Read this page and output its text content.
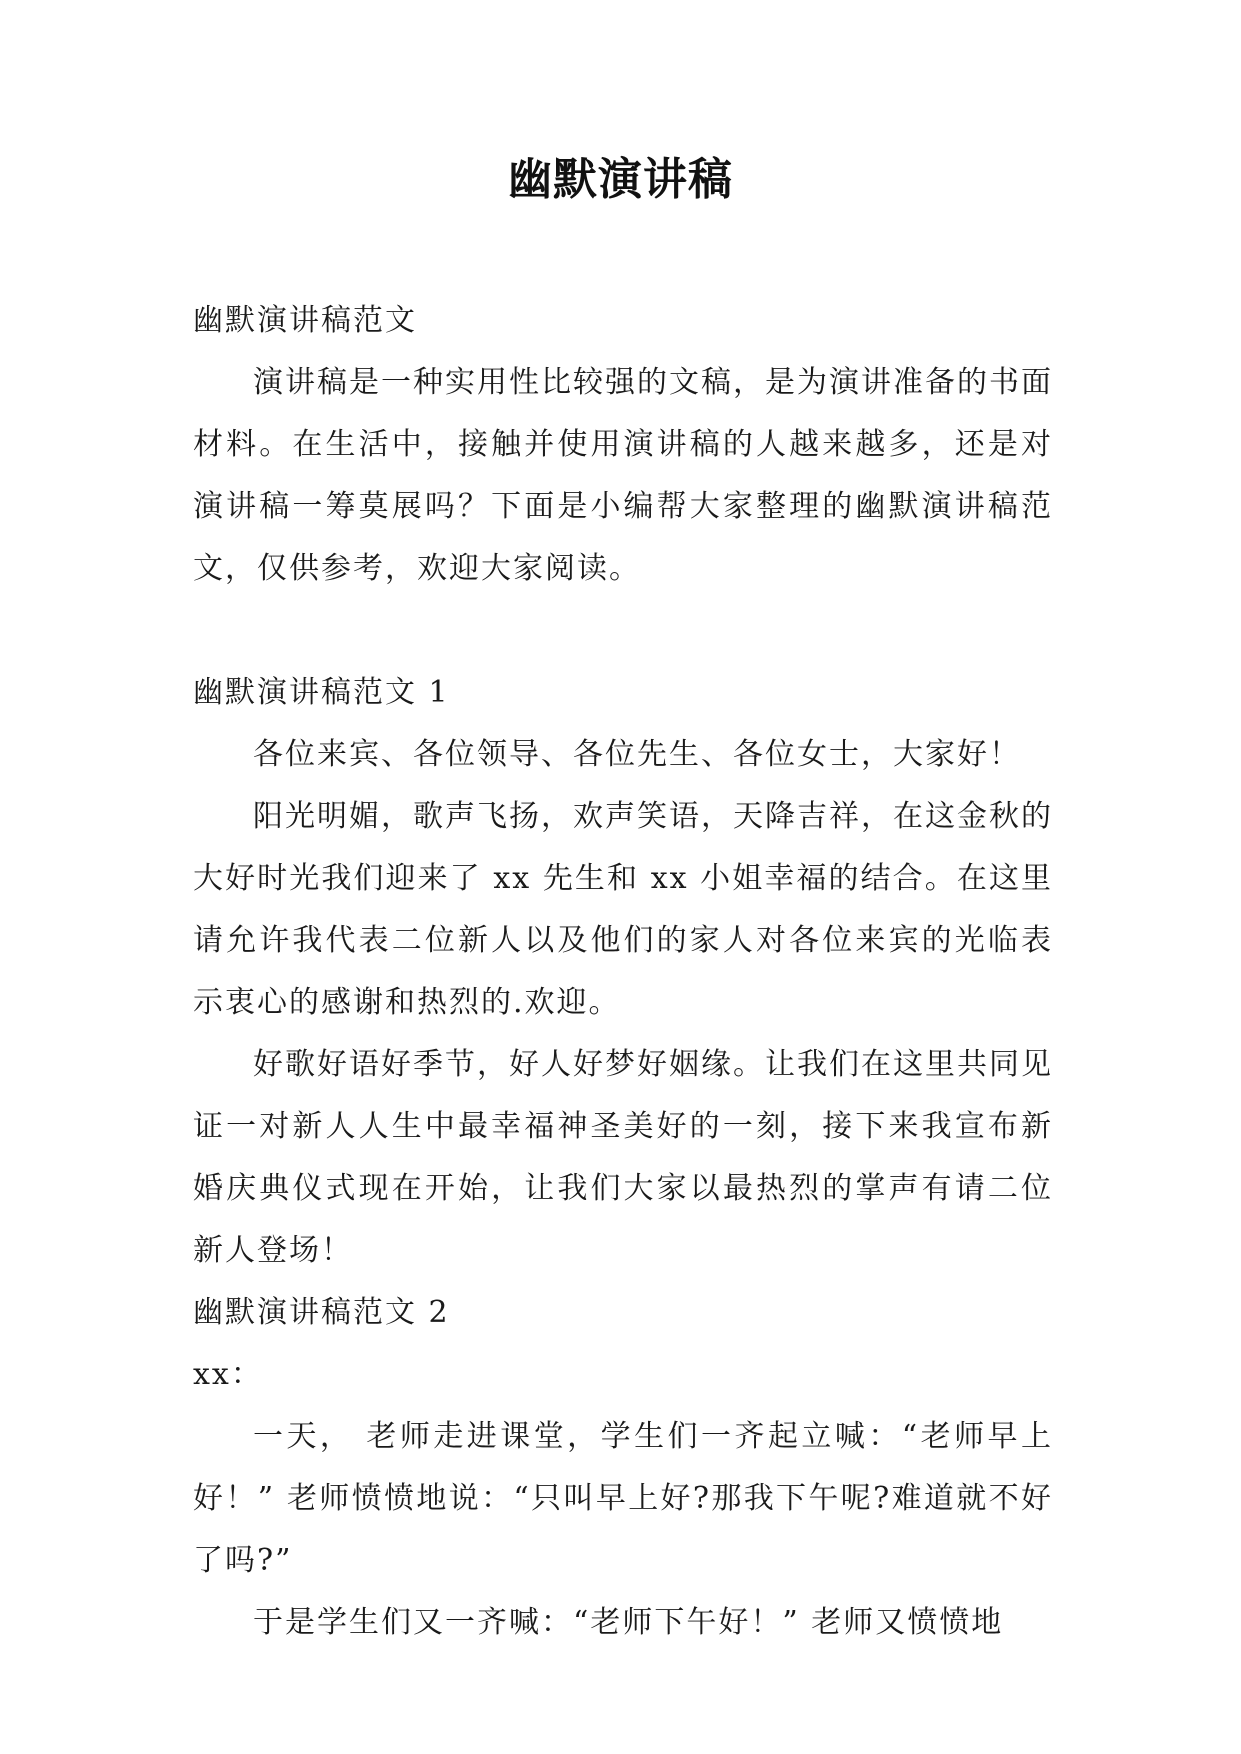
幽默演讲稿

幽默演讲稿范文

演讲稿是一种实用性比较强的文稿，是为演讲准备的书面材料。在生活中，接触并使用演讲稿的人越来越多，还是对演讲稿一筹莫展吗？下面是小编帮大家整理的幽默演讲稿范文，仅供参考，欢迎大家阅读。

幽默演讲稿范文 1

各位来宾、各位领导、各位先生、各位女士，大家好！

阳光明媚，歌声飞扬，欢声笑语，天降吉祥，在这金秋的大好时光我们迎来了 xx 先生和 xx 小姐幸福的结合。在这里请允许我代表二位新人以及他们的家人对各位来宾的光临表示衷心的感谢和热烈的.欢迎。

好歌好语好季节，好人好梦好姻缘。让我们在这里共同见证一对新人人生中最幸福神圣美好的一刻，接下来我宣布新婚庆典仪式现在开始，让我们大家以最热烈的掌声有请二位新人登场！

幽默演讲稿范文 2

xx：

一天， 老师走进课堂，学生们一齐起立喊：“老师早上好！” 老师愤愤地说：“只叫早上好?那我下午呢?难道就不好了吗?”

于是学生们又一齐喊：“老师下午好！” 老师又愤愤地
